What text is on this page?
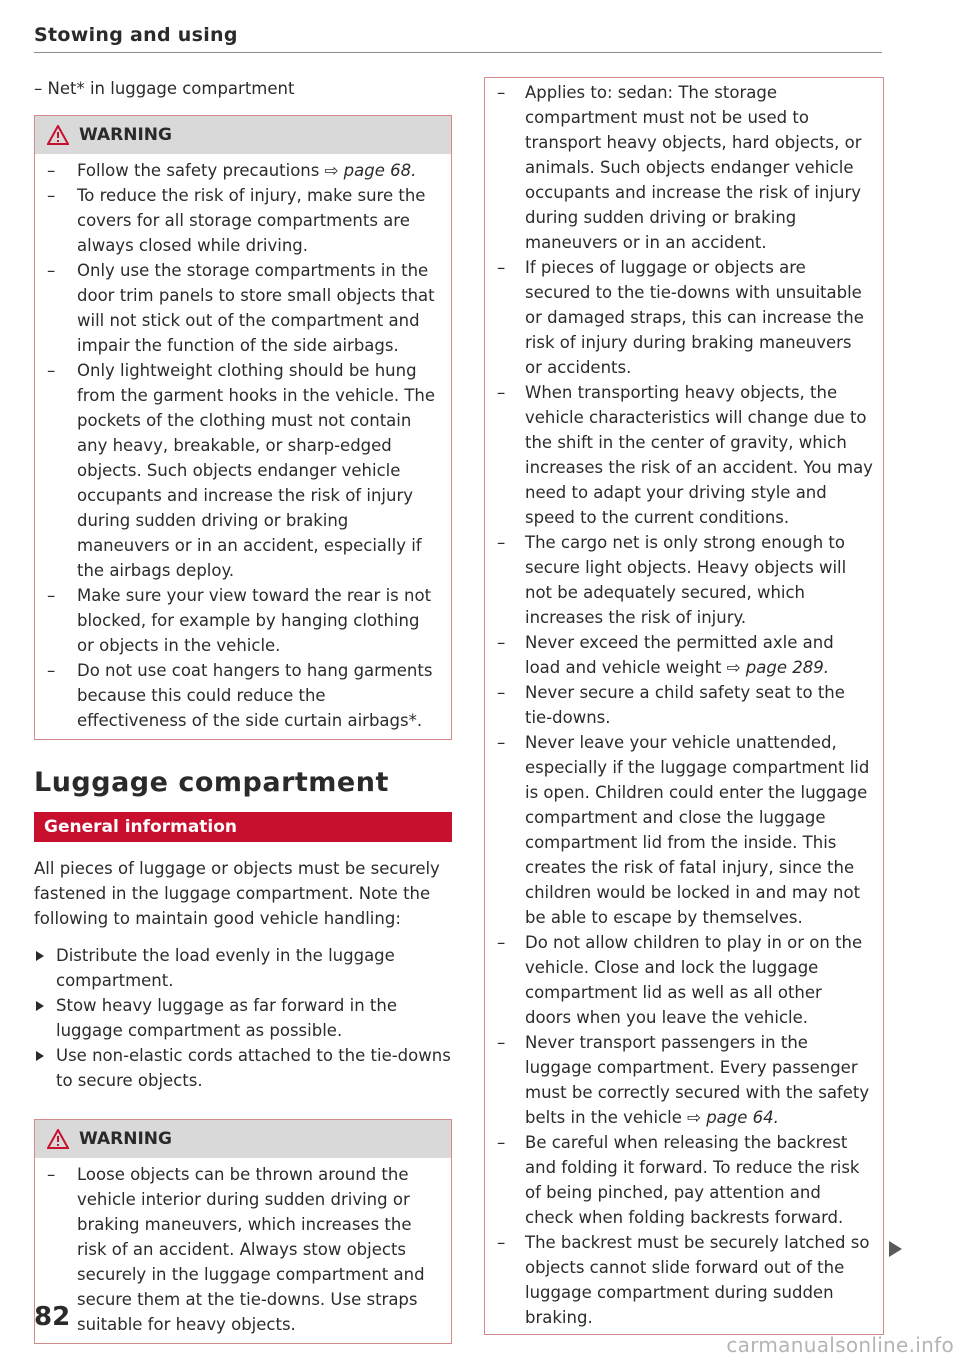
Stowing and using
– Net* in luggage compartment
WARNING
– Follow the safety precautions ⇨ page 68.
– To reduce the risk of injury, make sure the covers for all storage compartments are always closed while driving.
– Only use the storage compartments in the door trim panels to store small objects that will not stick out of the compartment and impair the function of the side airbags.
– Only lightweight clothing should be hung from the garment hooks in the vehicle. The pockets of the clothing must not contain any heavy, breakable, or sharp-edged objects. Such objects endanger vehicle occupants and increase the risk of injury during sudden driving or braking maneuvers or in an accident, especially if the airbags deploy.
– Make sure your view toward the rear is not blocked, for example by hanging clothing or objects in the vehicle.
– Do not use coat hangers to hang garments because this could reduce the effectiveness of the side curtain airbags*.
Luggage compartment
General information
All pieces of luggage or objects must be securely fastened in the luggage compartment. Note the following to maintain good vehicle handling:
Distribute the load evenly in the luggage compartment.
Stow heavy luggage as far forward in the luggage compartment as possible.
Use non-elastic cords attached to the tie-downs to secure objects.
WARNING
– Loose objects can be thrown around the vehicle interior during sudden driving or braking maneuvers, which increases the risk of an accident. Always stow objects securely in the luggage compartment and secure them at the tie-downs. Use straps suitable for heavy objects.
– Applies to: sedan: The storage compartment must not be used to transport heavy objects, hard objects, or animals. Such objects endanger vehicle occupants and increase the risk of injury during sudden driving or braking maneuvers or in an accident.
– If pieces of luggage or objects are secured to the tie-downs with unsuitable or damaged straps, this can increase the risk of injury during braking maneuvers or accidents.
– When transporting heavy objects, the vehicle characteristics will change due to the shift in the center of gravity, which increases the risk of an accident. You may need to adapt your driving style and speed to the current conditions.
– The cargo net is only strong enough to secure light objects. Heavy objects will not be adequately secured, which increases the risk of injury.
– Never exceed the permitted axle and load and vehicle weight ⇨ page 289.
– Never secure a child safety seat to the tie-downs.
– Never leave your vehicle unattended, especially if the luggage compartment lid is open. Children could enter the luggage compartment and close the luggage compartment lid from the inside. This creates the risk of fatal injury, since the children would be locked in and may not be able to escape by themselves.
– Do not allow children to play in or on the vehicle. Close and lock the luggage compartment lid as well as all other doors when you leave the vehicle.
– Never transport passengers in the luggage compartment. Every passenger must be correctly secured with the safety belts in the vehicle ⇨ page 64.
– Be careful when releasing the backrest and folding it forward. To reduce the risk of being pinched, pay attention and check when folding backrests forward.
– The backrest must be securely latched so objects cannot slide forward out of the luggage compartment during sudden braking.
82
carmanualsonline.info
